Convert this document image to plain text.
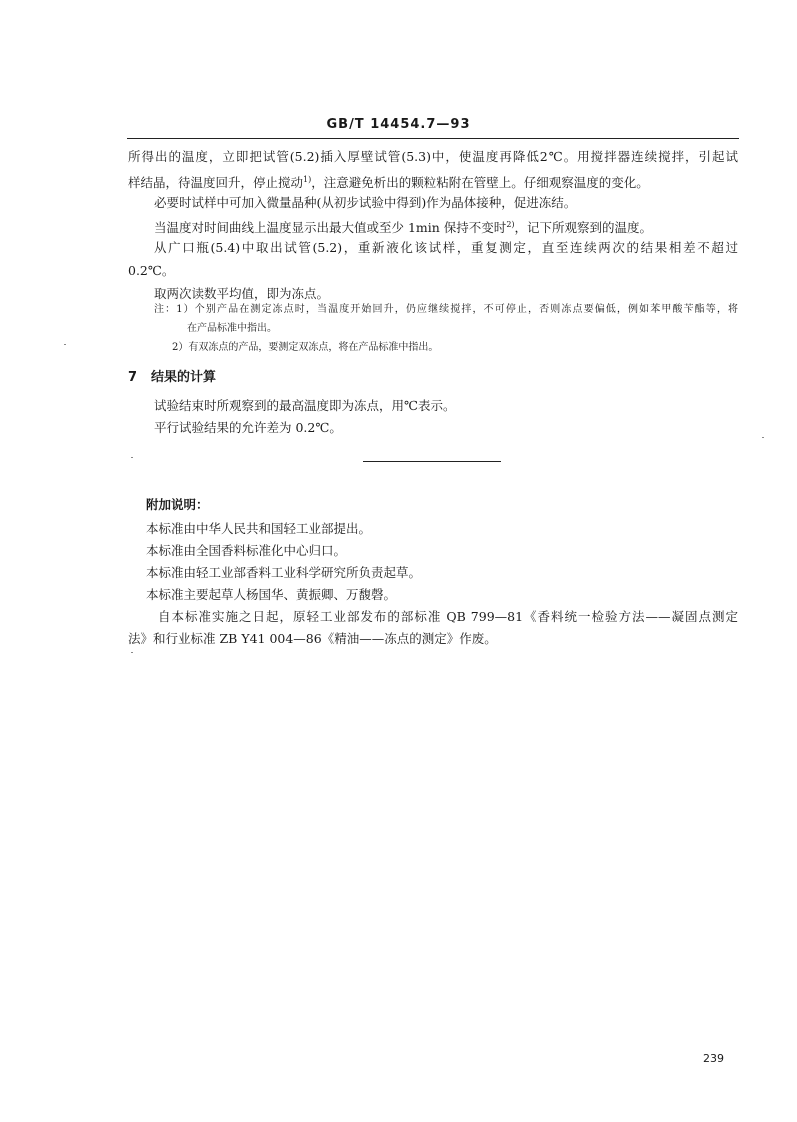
GB/T 14454.7—93
所得出的温度，立即把试管(5.2)插入厚壁试管(5.3)中，使温度再降低2℃。用搅拌器连续搅拌，引起试
样结晶，待温度回升，停止搅动$^{1)}$，注意避免析出的颗粒粘附在管壁上。仔细观察温度的变化。
必要时试样中可加入微量晶种(从初步试验中得到)作为晶体接种，促进冻结。
当温度对时间曲线上温度显示出最大值或至少 1min 保持不变时$^{2)}$，记下所观察到的温度。
从广口瓶(5.4)中取出试管(5.2)，重新液化该试样，重复测定，直至连续两次的结果相差不超过
0.2℃。
取两次读数平均值，即为冻点。
注：1）个别产品在测定冻点时，当温度开始回升，仍应继续搅拌，不可停止，否则冻点要偏低，例如苯甲酸苄酯等，将
在产品标准中指出。
2）有双冻点的产品，要测定双冻点，将在产品标准中指出。
7 结果的计算
试验结束时所观察到的最高温度即为冻点，用℃表示。
平行试验结果的允许差为 0.2℃。
附加说明：
本标准由中华人民共和国轻工业部提出。
本标准由全国香料标准化中心归口。
本标准由轻工业部香料工业科学研究所负责起草。
本标准主要起草人杨国华、黄振卿、万馥磬。
自本标准实施之日起，原轻工业部发布的部标准 QB 799—81《香料统一检验方法——凝固点测定
法》和行业标准 ZB Y41 004—86《精油——冻点的测定》作废。
239
